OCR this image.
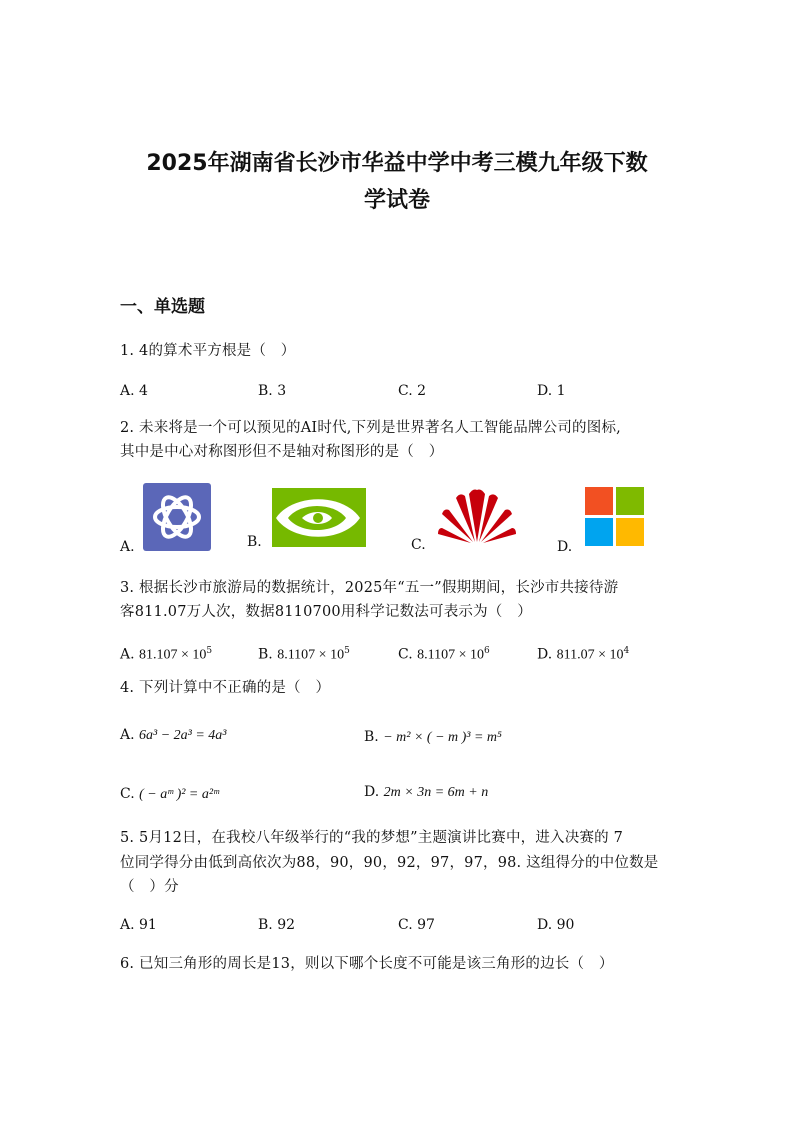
2025年湖南省长沙市华益中学中考三模九年级下数
学试卷
一、单选题
1. 4的算术平方根是（　）
A. 4	B. 3	C. 2	D. 1
2. 未来将是一个可以预见的AI时代,下列是世界著名人工智能品牌公司的图标,
其中是中心对称图形但不是轴对称图形的是（　）
A.	B.	C.	D.
3. 根据长沙市旅游局的数据统计，2025年“五一”假期期间，长沙市共接待游
客811.07万人次，数据8110700用科学记数法可表示为（　）
A. $81.107 \times 10^5$	B. $8.1107 \times 10^5$	C. $8.1107 \times 10^6$	D. $811.07 \times 10^4$
4. 下列计算中不正确的是（　）
A. 6a³ − 2a³ = 4a³	B. − m² × ( − m )³ = m⁵
C. ( − aᵐ )² = a²ᵐ	D. 2m × 3n = 6m + n
5. 5月12日，在我校八年级举行的“我的梦想”主题演讲比赛中，进入决赛的 7
位同学得分由低到高依次为88，90，90，92，97，97，98. 这组得分的中位数是
（　）分
A. 91	B. 92	C. 97	D. 90
6. 已知三角形的周长是13，则以下哪个长度不可能是该三角形的边长（　）
